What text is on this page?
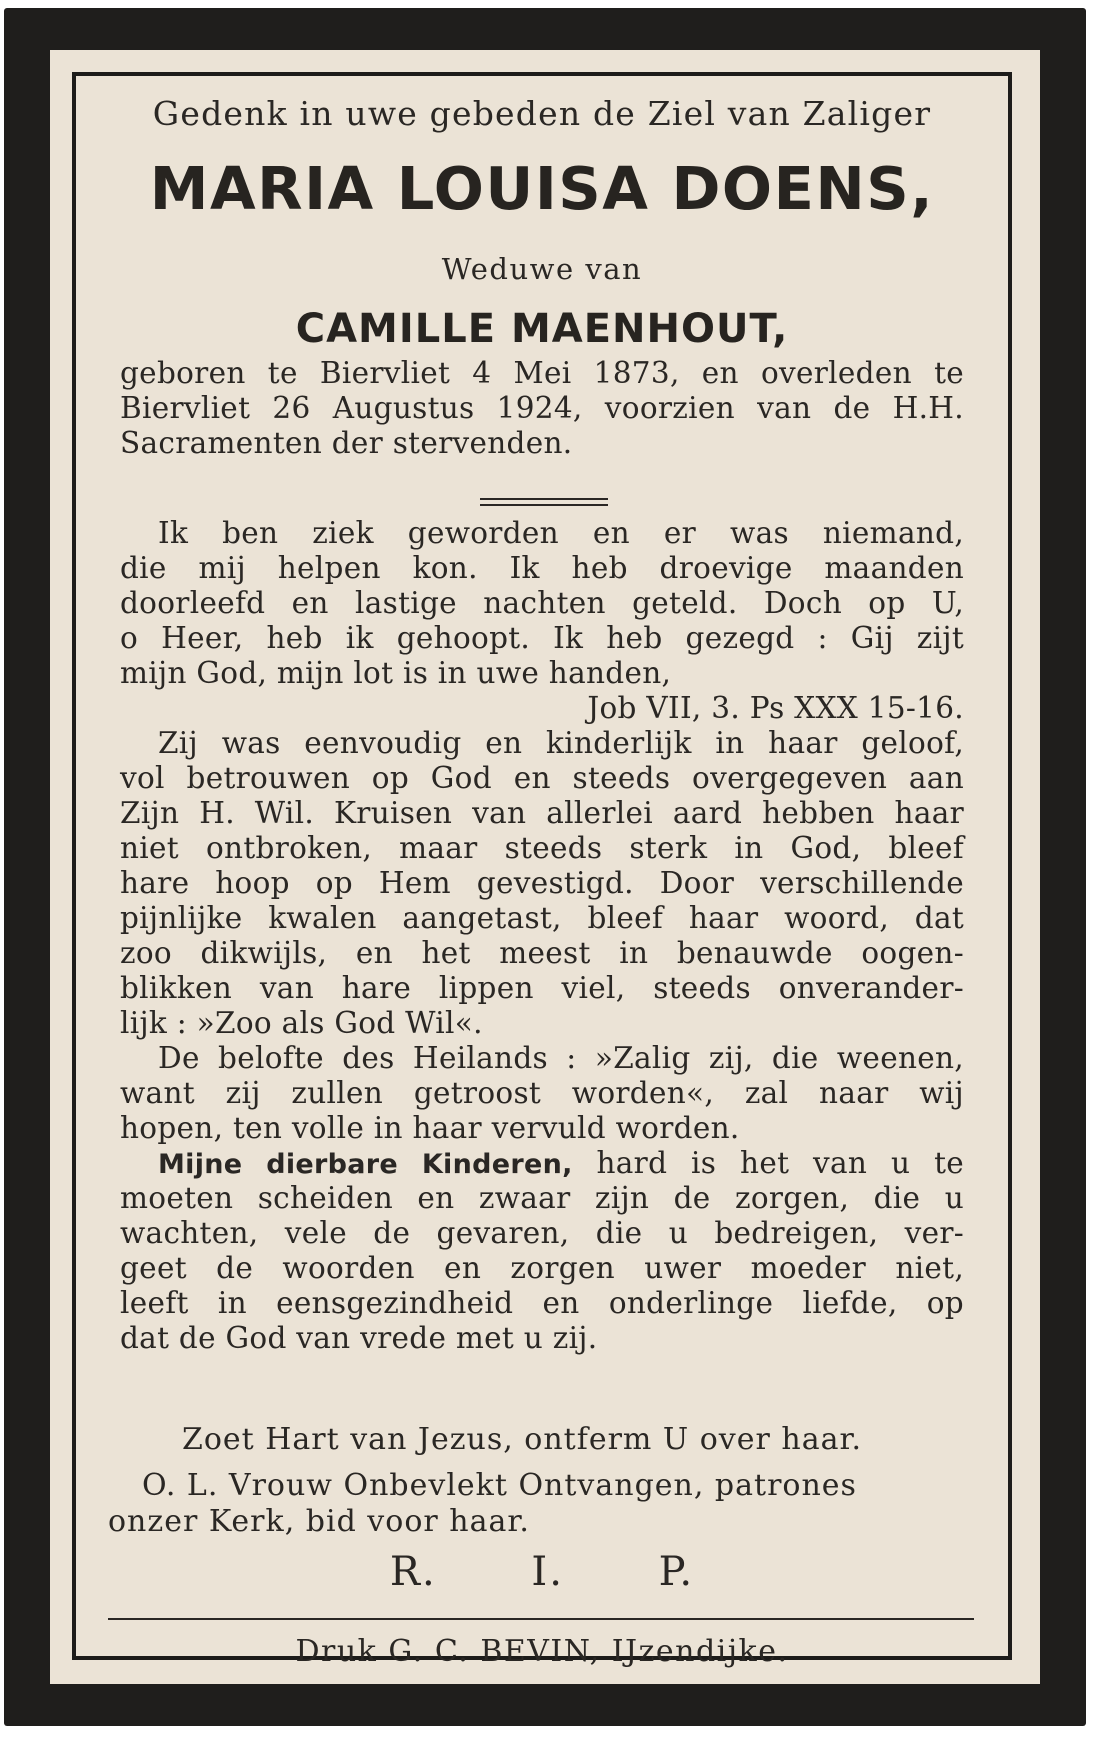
Gedenk in uwe gebeden de Ziel van Zaliger
MARIA LOUISA DOENS,
Weduwe van
CAMILLE MAENHOUT,
geboren te Biervliet 4 Mei 1873, en overleden te
Biervliet 26 Augustus 1924, voorzien van de H.H.
Sacramenten der stervenden.
Ik ben ziek geworden en er was niemand,
die mij helpen kon. Ik heb droevige maanden
doorleefd en lastige nachten geteld. Doch op U,
o Heer, heb ik gehoopt. Ik heb gezegd : Gij zijt
mijn God, mijn lot is in uwe handen,
Job VII, 3. Ps XXX 15-16.
Zij was eenvoudig en kinderlijk in haar geloof,
vol betrouwen op God en steeds overgegeven aan
Zijn H. Wil. Kruisen van allerlei aard hebben haar
niet ontbroken, maar steeds sterk in God, bleef
hare hoop op Hem gevestigd. Door verschillende
pijnlijke kwalen aangetast, bleef haar woord, dat
zoo dikwijls, en het meest in benauwde oogen-
blikken van hare lippen viel, steeds onverander-
lijk : »Zoo als God Wil«.
De belofte des Heilands : »Zalig zij, die weenen,
want zij zullen getroost worden«, zal naar wij
hopen, ten volle in haar vervuld worden.
Mijne dierbare Kinderen, hard is het van u te
moeten scheiden en zwaar zijn de zorgen, die u
wachten, vele de gevaren, die u bedreigen, ver-
geet de woorden en zorgen uwer moeder niet,
leeft in eensgezindheid en onderlinge liefde, op
dat de God van vrede met u zij.
Zoet Hart van Jezus, ontferm U over haar.
O. L. Vrouw Onbevlekt Ontvangen, patrones
onzer Kerk, bid voor haar.
R. I. P.
Druk G. C. BEVIN, IJzendijke.
